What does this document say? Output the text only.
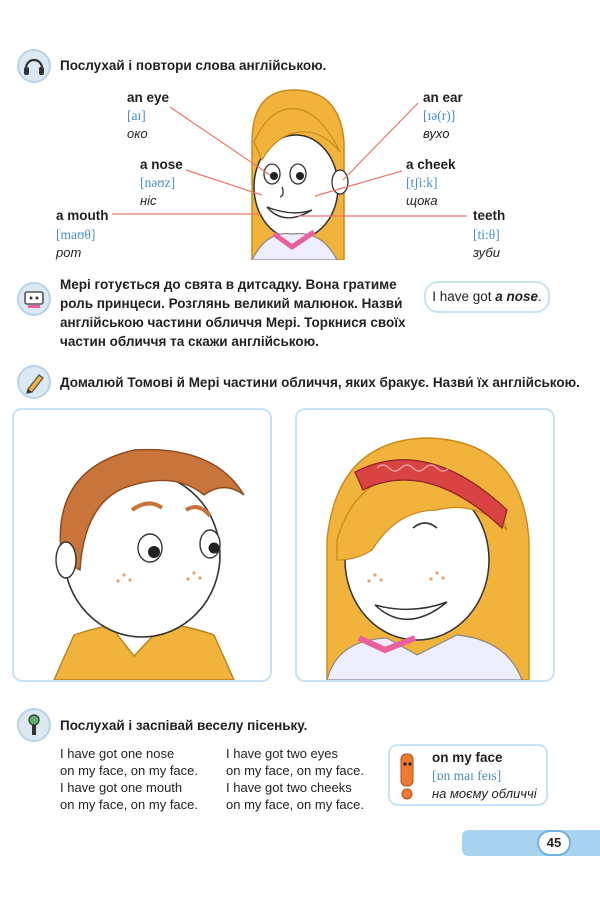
Послухай і повтори слова англійською.
an eye
[aɪ]
око
an ear
[ɪə(r)]
вухо
a nose
[nəʊz]
ніс
a cheek
[tʃi:k]
щока
a mouth
[maʊθ]
рот
teeth
[ti:θ]
зуби
Мері готується до свята в дитсадку. Вона гратиме
роль принцеси. Розглянь великий малюнок. Назви́
англійською частини обличчя Мері. Торкнися своїх
частин обличчя та скажи англійською.
I have got a nose.
Домалюй Томові й Мері частини обличчя, яких бракує. Назви́ їх англійською.
Послухай і заспівай веселу пісеньку.
I have got one nose
on my face, on my face.
I have got one mouth
on my face, on my face.
I have got two eyes
on my face, on my face.
I have got two cheeks
on my face, on my face.
on my face
[ɒn maɪ feɪs]
на моєму обличчі
45
